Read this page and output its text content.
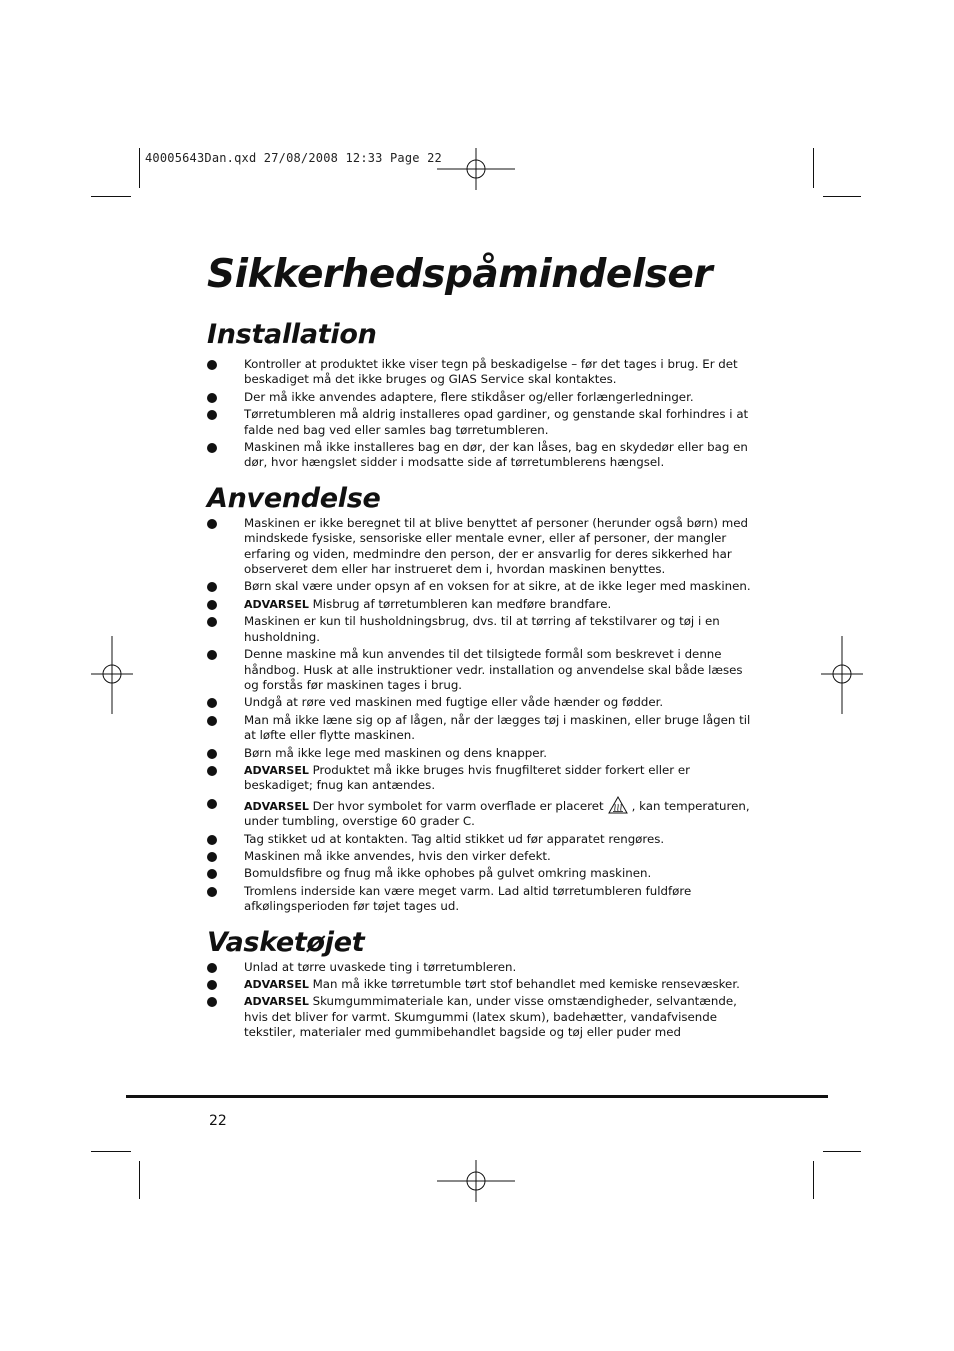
40005643Dan.qxd 27/08/2008 12:33 Page 22
Sikkerhedspåmindelser
Installation
Kontroller at produktet ikke viser tegn på beskadigelse – før det tages i brug. Er det beskadiget må det ikke bruges og GIAS Service skal kontaktes.
Der må ikke anvendes adaptere, flere stikdåser og/eller forlængerledninger.
Tørretumbleren må aldrig installeres opad gardiner, og genstande skal forhindres i at falde ned bag ved eller samles bag tørretumbleren.
Maskinen må ikke installeres bag en dør, der kan låses, bag en skydedør eller bag en dør, hvor hængslet sidder i modsatte side af tørretumblerens hængsel.
Anvendelse
Maskinen er ikke beregnet til at blive benyttet af personer (herunder også børn) med mindskede fysiske, sensoriske eller mentale evner, eller af personer, der mangler erfaring og viden, medmindre den person, der er ansvarlig for deres sikkerhed har observeret dem eller har instrueret dem i, hvordan maskinen benyttes.
Børn skal være under opsyn af en voksen for at sikre, at de ikke leger med maskinen.
ADVARSEL Misbrug af tørretumbleren kan medføre brandfare.
Maskinen er kun til husholdningsbrug, dvs. til at tørring af tekstilvarer og tøj i en husholdning.
Denne maskine må kun anvendes til det tilsigtede formål som beskrevet i denne håndbog. Husk at alle instruktioner vedr. installation og anvendelse skal både læses og forstås før maskinen tages i brug.
Undgå at røre ved maskinen med fugtige eller våde hænder og fødder.
Man må ikke læne sig op af lågen, når der lægges tøj i maskinen, eller bruge lågen til at løfte eller flytte maskinen.
Børn må ikke lege med maskinen og dens knapper.
ADVARSEL Produktet må ikke bruges hvis fnugfilteret sidder forkert eller er beskadiget; fnug kan antændes.
ADVARSEL Der hvor symbolet for varm overflade er placeret , kan temperaturen, under tumbling, overstige 60 grader C.
Tag stikket ud at kontakten. Tag altid stikket ud før apparatet rengøres.
Maskinen må ikke anvendes, hvis den virker defekt.
Bomuldsfibre og fnug må ikke ophobes på gulvet omkring maskinen.
Tromlens inderside kan være meget varm. Lad altid tørretumbleren fuldføre afkølingsperioden før tøjet tages ud.
Vasketøjet
Unlad at tørre uvaskede ting i tørretumbleren.
ADVARSEL Man må ikke tørretumble tørt stof behandlet med kemiske rensevæsker.
ADVARSEL Skumgummimateriale kan, under visse omstændigheder, selvantænde, hvis det bliver for varmt. Skumgummi (latex skum), badehætter, vandafvisende tekstiler, materialer med gummibehandlet bagside og tøj eller puder med
22
